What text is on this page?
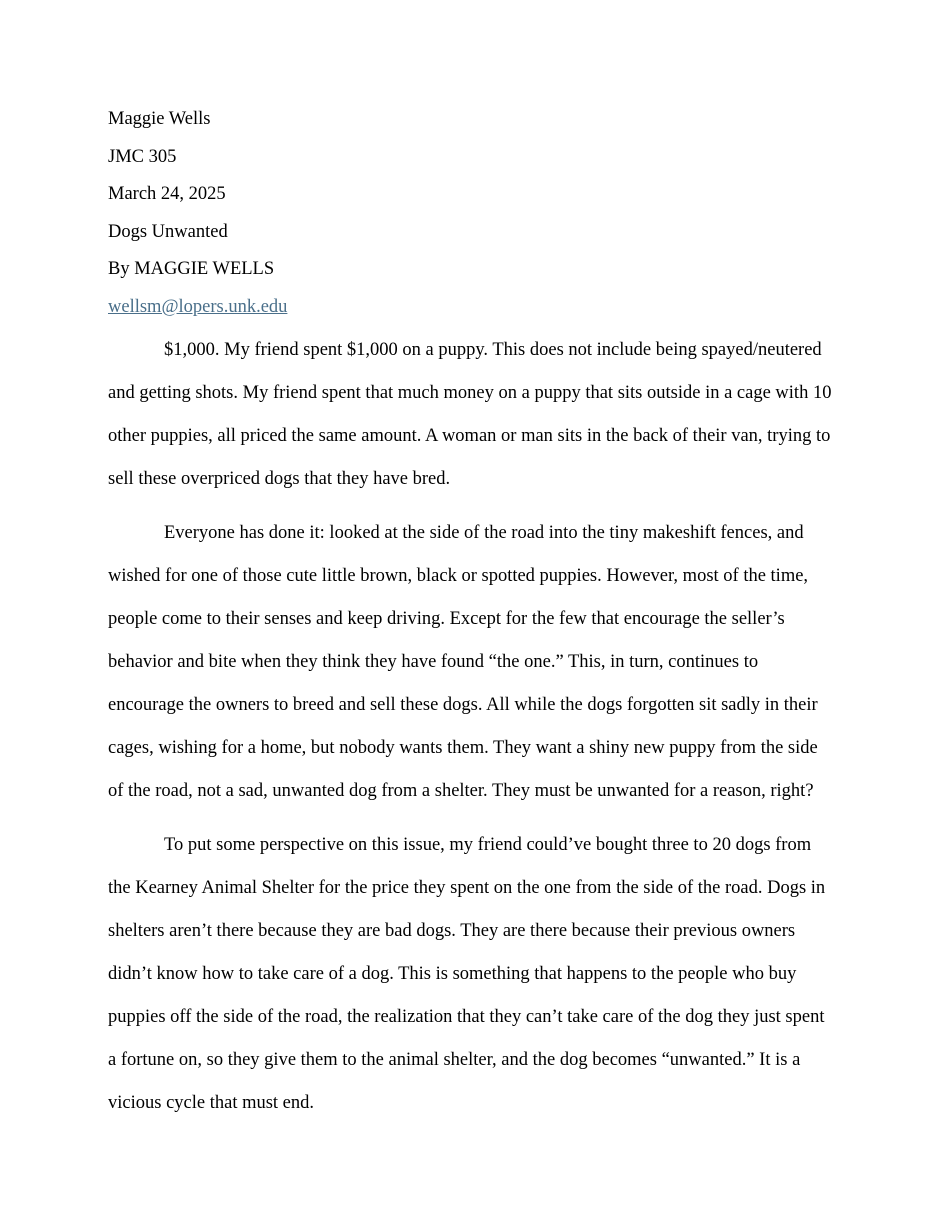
Maggie Wells
JMC 305
March 24, 2025
Dogs Unwanted
By MAGGIE WELLS
wellsm@lopers.unk.edu

$1,000. My friend spent $1,000 on a puppy. This does not include being spayed/neutered and getting shots. My friend spent that much money on a puppy that sits outside in a cage with 10 other puppies, all priced the same amount. A woman or man sits in the back of their van, trying to sell these overpriced dogs that they have bred.

Everyone has done it: looked at the side of the road into the tiny makeshift fences, and wished for one of those cute little brown, black or spotted puppies. However, most of the time, people come to their senses and keep driving. Except for the few that encourage the seller’s behavior and bite when they think they have found “the one.” This, in turn, continues to encourage the owners to breed and sell these dogs. All while the dogs forgotten sit sadly in their cages, wishing for a home, but nobody wants them. They want a shiny new puppy from the side of the road, not a sad, unwanted dog from a shelter. They must be unwanted for a reason, right?

To put some perspective on this issue, my friend could’ve bought three to 20 dogs from the Kearney Animal Shelter for the price they spent on the one from the side of the road. Dogs in shelters aren’t there because they are bad dogs. They are there because their previous owners didn’t know how to take care of a dog. This is something that happens to the people who buy puppies off the side of the road, the realization that they can’t take care of the dog they just spent a fortune on, so they give them to the animal shelter, and the dog becomes “unwanted.” It is a vicious cycle that must end.
